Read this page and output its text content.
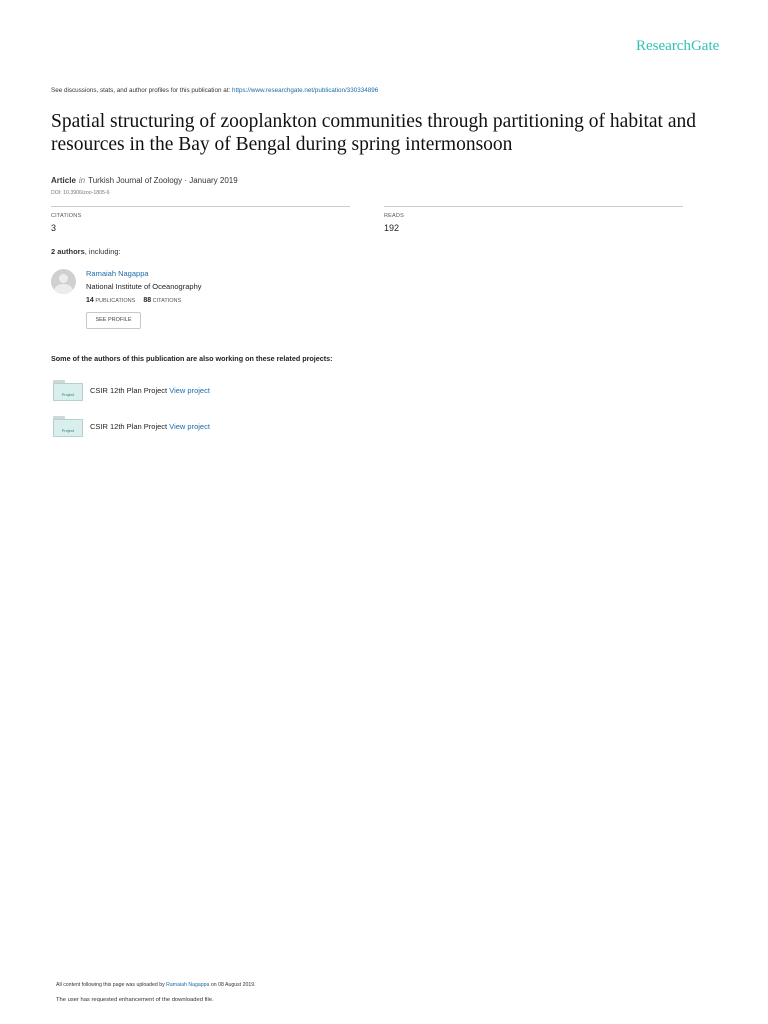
ResearchGate
See discussions, stats, and author profiles for this publication at: https://www.researchgate.net/publication/330334896
Spatial structuring of zooplankton communities through partitioning of habitat and resources in the Bay of Bengal during spring intermonsoon
Article in Turkish Journal of Zoology · January 2019
DOI: 10.3906/zoo-1805-6
CITATIONS
3
READS
192
2 authors, including:
Ramaiah Nagappa
National Institute of Oceanography
14 PUBLICATIONS 88 CITATIONS
SEE PROFILE
Some of the authors of this publication are also working on these related projects:
Project	CSIR 12th Plan Project View project
Project	CSIR 12th Plan Project View project
All content following this page was uploaded by Ramaiah Nagappa on 08 August 2019.
The user has requested enhancement of the downloaded file.
